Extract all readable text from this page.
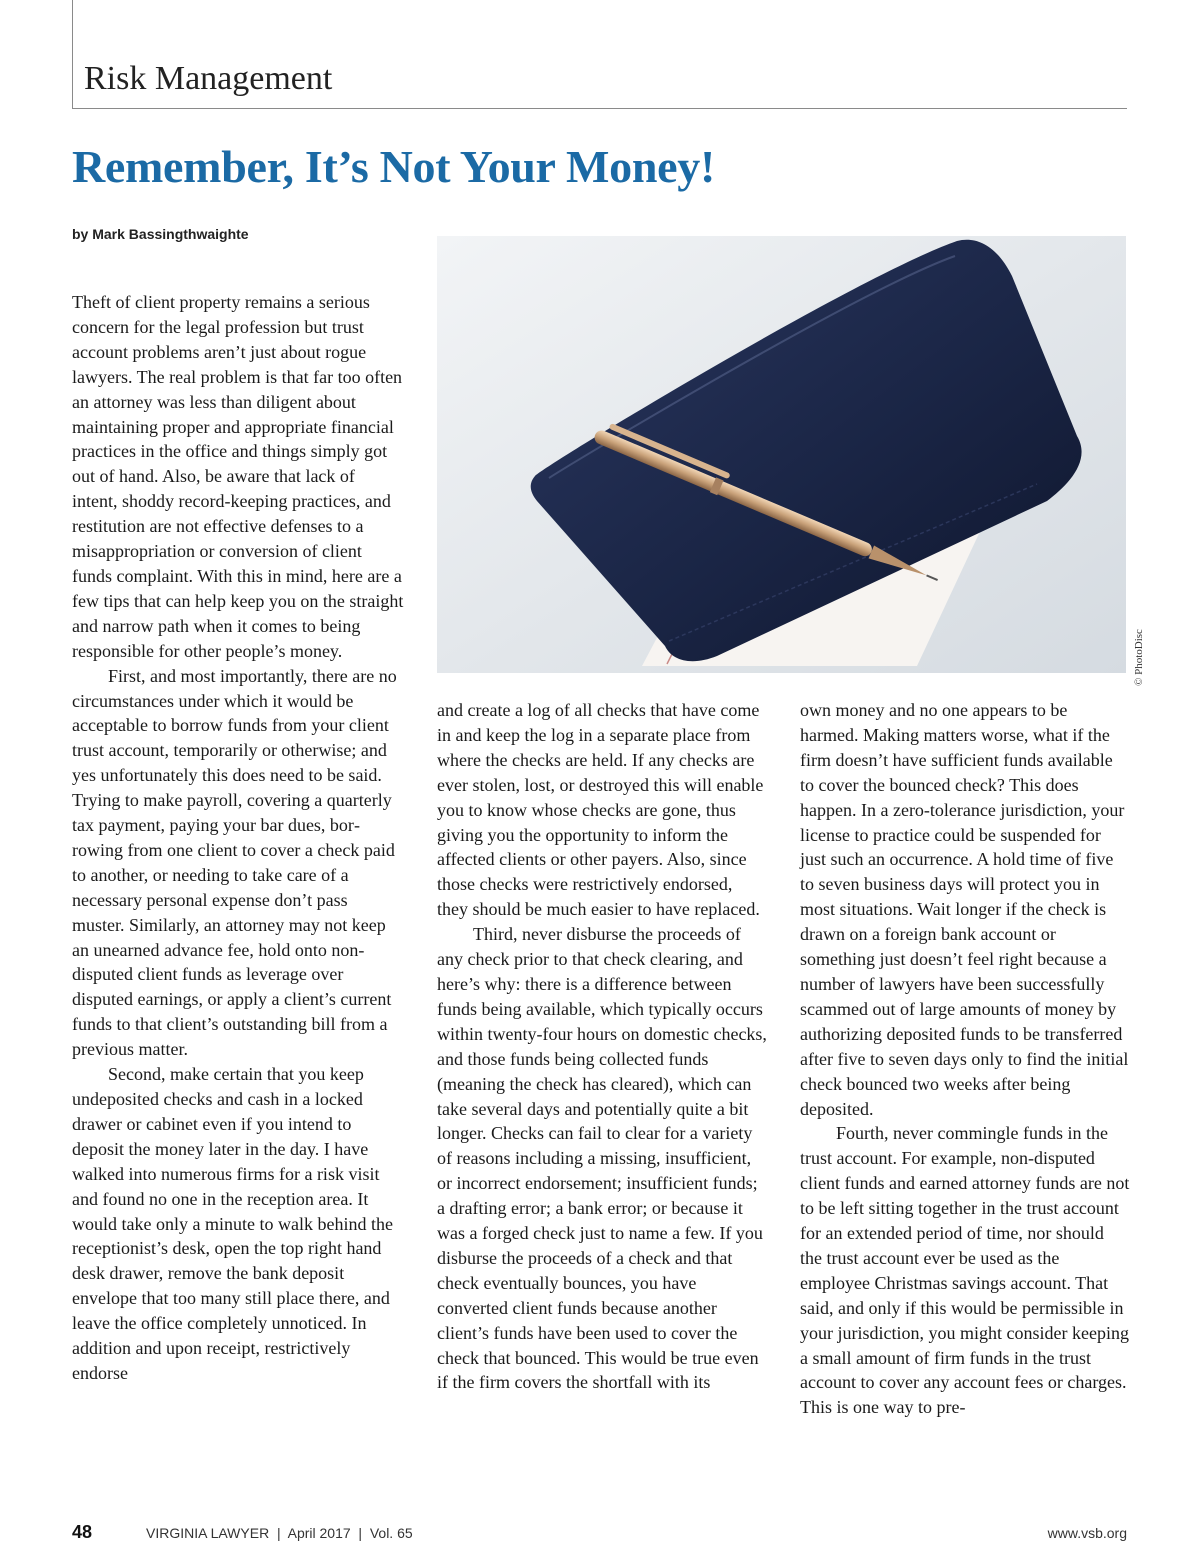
Risk Management
Remember, It’s Not Your Money!

by Mark Bassingthwaighte

© PhotoDisc

Theft of client property remains a serious concern for the legal profession but trust account problems aren’t just about rogue lawyers. The real problem is that far too often an attorney was less than diligent about maintaining proper and appropriate financial practices in the office and things simply got out of hand. Also, be aware that lack of intent, shoddy record-keeping practices, and restitution are not effective defenses to a misappropriation or conversion of client funds complaint. With this in mind, here are a few tips that can help keep you on the straight and narrow path when it comes to being responsible for other people’s money.

First, and most importantly, there are no circumstances under which it would be acceptable to borrow funds from your client trust account, temporarily or otherwise; and yes unfortunately this does need to be said. Trying to make payroll, covering a quarterly tax payment, paying your bar dues, borrowing from one client to cover a check paid to another, or needing to take care of a necessary personal expense don’t pass muster. Similarly, an attorney may not keep an unearned advance fee, hold onto non-disputed client funds as leverage over disputed earnings, or apply a client’s current funds to that client’s outstanding bill from a previous matter.

Second, make certain that you keep undeposited checks and cash in a locked drawer or cabinet even if you intend to deposit the money later in the day. I have walked into numerous firms for a risk visit and found no one in the reception area. It would take only a minute to walk behind the receptionist’s desk, open the top right hand desk drawer, remove the bank deposit envelope that too many still place there, and leave the office completely unnoticed. In addition and upon receipt, restrictively endorse

and create a log of all checks that have come in and keep the log in a separate place from where the checks are held. If any checks are ever stolen, lost, or destroyed this will enable you to know whose checks are gone, thus giving you the opportunity to inform the affected clients or other payers. Also, since those checks were restrictively endorsed, they should be much easier to have replaced.

Third, never disburse the proceeds of any check prior to that check clearing, and here’s why: there is a difference between funds being available, which typically occurs within twenty-four hours on domestic checks, and those funds being collected funds (meaning the check has cleared), which can take several days and potentially quite a bit longer. Checks can fail to clear for a variety of reasons including a missing, insufficient, or incorrect endorsement; insufficient funds; a drafting error; a bank error; or because it was a forged check just to name a few. If you disburse the proceeds of a check and that check eventually bounces, you have converted client funds because another client’s funds have been used to cover the check that bounced. This would be true even if the firm covers the shortfall with its

own money and no one appears to be harmed. Making matters worse, what if the firm doesn’t have sufficient funds available to cover the bounced check? This does happen. In a zero-tolerance jurisdiction, your license to practice could be suspended for just such an occurrence. A hold time of five to seven business days will protect you in most situations. Wait longer if the check is drawn on a foreign bank account or something just doesn’t feel right because a number of lawyers have been successfully scammed out of large amounts of money by authorizing deposited funds to be transferred after five to seven days only to find the initial check bounced two weeks after being deposited.

Fourth, never commingle funds in the trust account. For example, non-disputed client funds and earned attorney funds are not to be left sitting together in the trust account for an extended period of time, nor should the trust account ever be used as the employee Christmas savings account. That said, and only if this would be permissible in your jurisdiction, you might consider keeping a small amount of firm funds in the trust account to cover any account fees or charges. This is one way to pre-

48	VIRGINIA LAWYER  |  April 2017  |  Vol. 65	www.vsb.org
